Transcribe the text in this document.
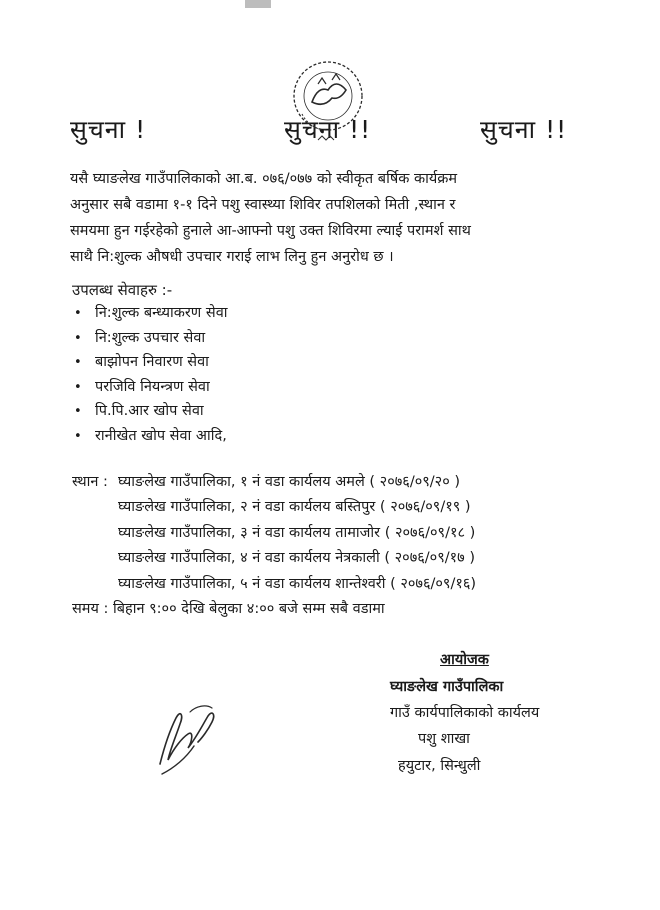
सुचना !	सुचना !!	सुचना !!
यसै घ्याङलेख गाउँपालिकाको आ.ब. ०७६/०७७ को स्वीकृत बर्षिक कार्यक्रम
अनुसार सबै वडामा १-१ दिने पशु स्वास्थ्या शिविर तपशिलको मिती ,स्थान र
समयमा हुन गईरहेको हुनाले आ-आफ्नो पशु उक्त शिविरमा ल्याई परामर्श साथ
साथै नि:शुल्क औषधी उपचार गराई लाभ लिनु हुन अनुरोध छ ।
उपलब्ध सेवाहरु :-
• नि:शुल्क बन्ध्याकरण सेवा
• नि:शुल्क उपचार सेवा
• बाझोपन निवारण सेवा
• परजिवि नियन्त्रण सेवा
• पि.पि.आर खोप सेवा
• रानीखेत खोप सेवा आदि,
स्थान : घ्याङलेख गाउँपालिका, १ नं वडा कार्यलय अमले ( २०७६/०९/२० )
घ्याङलेख गाउँपालिका, २ नं वडा कार्यलय बस्तिपुर ( २०७६/०९/१९ )
घ्याङलेख गाउँपालिका, ३ नं वडा कार्यलय तामाजोर ( २०७६/०९/१८ )
घ्याङलेख गाउँपालिका, ४ नं वडा कार्यलय नेत्रकाली ( २०७६/०९/१७ )
घ्याङलेख गाउँपालिका, ५ नं वडा कार्यलय शान्तेश्वरी ( २०७६/०९/१६)
समय : बिहान ९:०० देखि बेलुका ४:०० बजे सम्म सबै वडामा
आयोजक
घ्याङलेख गाउँपालिका
गाउँ कार्यपालिकाको कार्यलय
पशु शाखा
हयुटार, सिन्धुली
